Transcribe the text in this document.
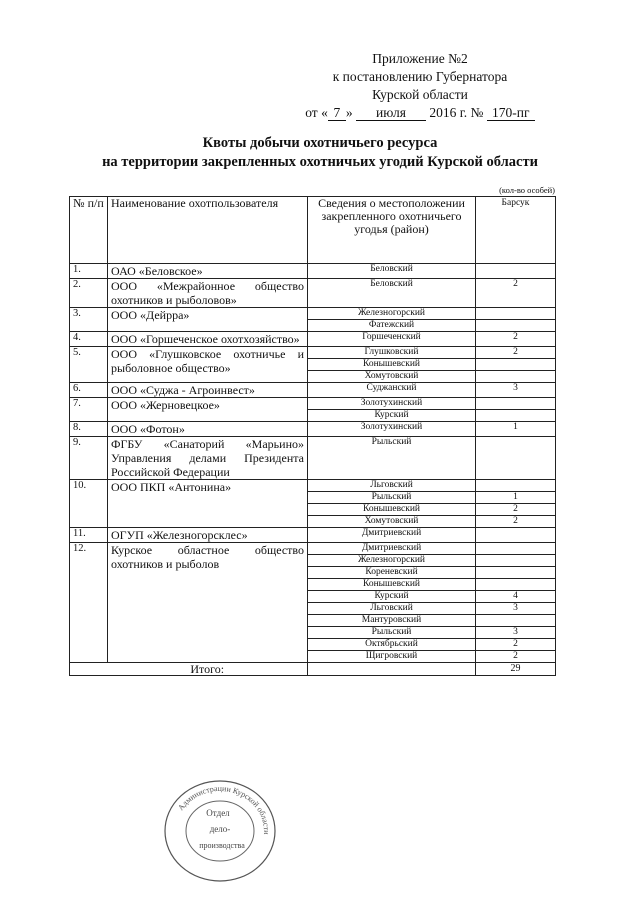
Приложение №2
к постановлению Губернатора
Курской области
от « 7 » июля 2016 г. № 170-пг
Квоты добычи охотничьего ресурса
на территории закрепленных охотничьих угодий Курской области
(кол-во особей)
№ п/п	Наименование охотпользователя	Сведения о местоположении закрепленного охотничьего угодья (район)	Барсук
1.	ОАО «Беловское»	Беловский	
2.	ООО «Межрайонное общество охотников и рыболовов»	Беловский	2
3.	ООО «Дейрра»	Железногорский	
		Фатежский	
4.	ООО «Горшеченское охотхозяйство»	Горшеченский	2
5.	ООО «Глушковское охотничье и рыболовное общество»	Глушковский	2
		Конышевский	
		Хомутовский	
6.	ООО «Суджа - Агроинвест»	Суджанский	3
7.	ООО «Жерновецкое»	Золотухинский	
		Курский	
8.	ООО «Фотон»	Золотухинский	1
9.	ФГБУ «Санаторий «Марьино» Управления делами Президента Российской Федерации	Рыльский	
10.	ООО ПКП «Антонина»	Льговский	
		Рыльский	1
		Конышевский	2
		Хомутовский	2
11.	ОГУП «Железногорсклес»	Дмитриевский	
12.	Курское областное общество охотников и рыболов	Дмитриевский	
		Железногорский	
		Кореневский	
		Конышевский	
		Курский	4
		Льговский	3
		Мантуровский	
		Рыльский	3
		Октябрьский	2
		Щигровский	2
	Итого:		29
Администрации Курской области
Отдел
дело-
производства
